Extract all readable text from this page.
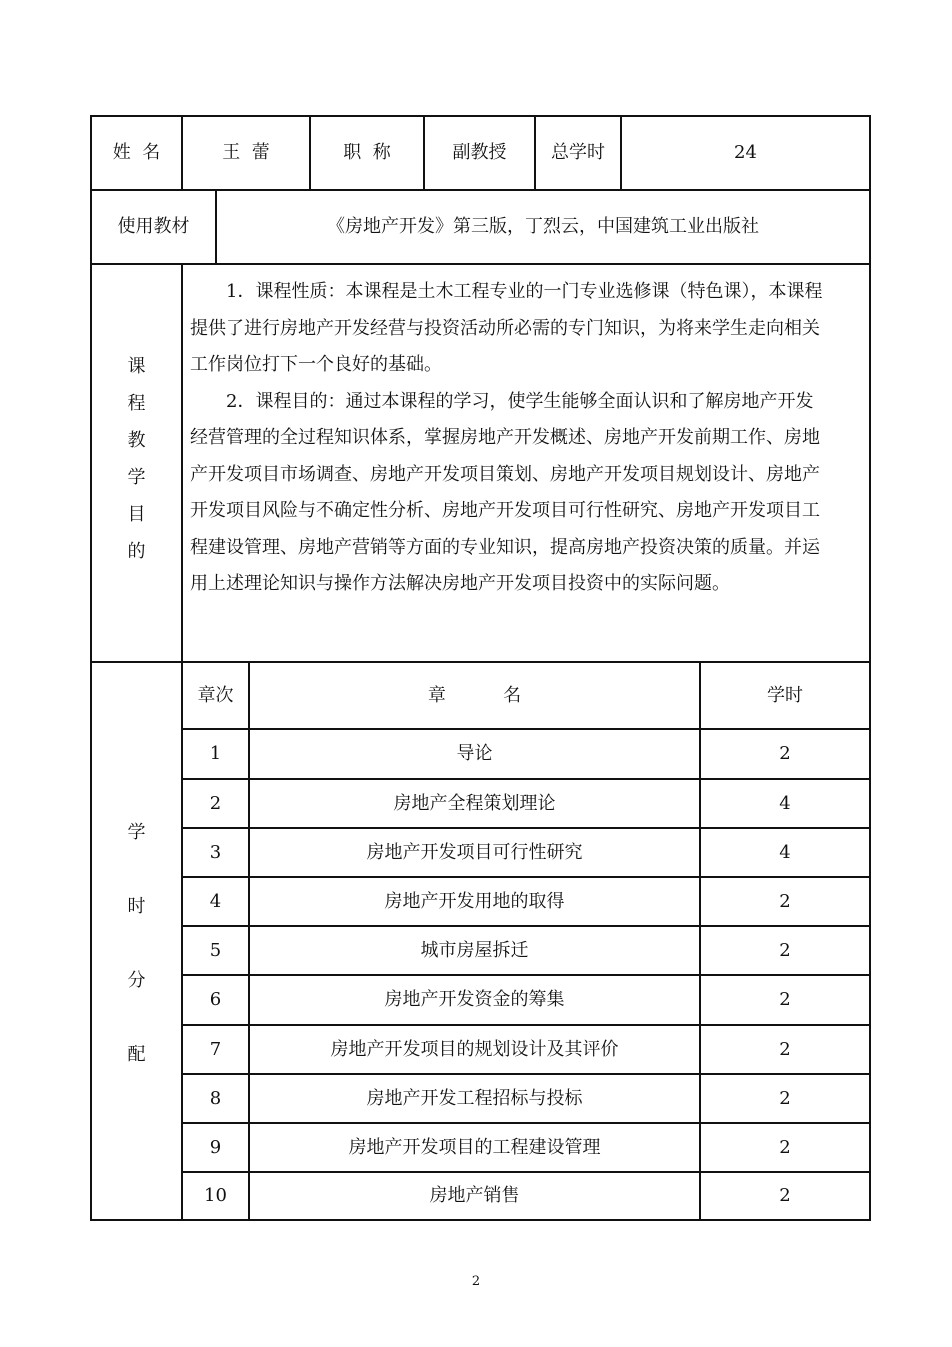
姓  名	王  蕾	职  称	副教授	总学时	24
使用教材	《房地产开发》第三版，丁烈云，中国建筑工业出版社
课
程
教
学
目
的
1．课程性质：本课程是土木工程专业的一门专业选修课（特色课），本课程
提供了进行房地产开发经营与投资活动所必需的专门知识，为将来学生走向相关
工作岗位打下一个良好的基础。
2．课程目的：通过本课程的学习，使学生能够全面认识和了解房地产开发
经营管理的全过程知识体系，掌握房地产开发概述、房地产开发前期工作、房地
产开发项目市场调查、房地产开发项目策划、房地产开发项目规划设计、房地产
开发项目风险与不确定性分析、房地产开发项目可行性研究、房地产开发项目工
程建设管理、房地产营销等方面的专业知识，提高房地产投资决策的质量。并运
用上述理论知识与操作方法解决房地产开发项目投资中的实际问题。
学
时
分
配
章次	章          名	学时
1	导论	2
2	房地产全程策划理论	4
3	房地产开发项目可行性研究	4
4	房地产开发用地的取得	2
5	城市房屋拆迁	2
6	房地产开发资金的筹集	2
7	房地产开发项目的规划设计及其评价	2
8	房地产开发工程招标与投标	2
9	房地产开发项目的工程建设管理	2
10	房地产销售	2
2
